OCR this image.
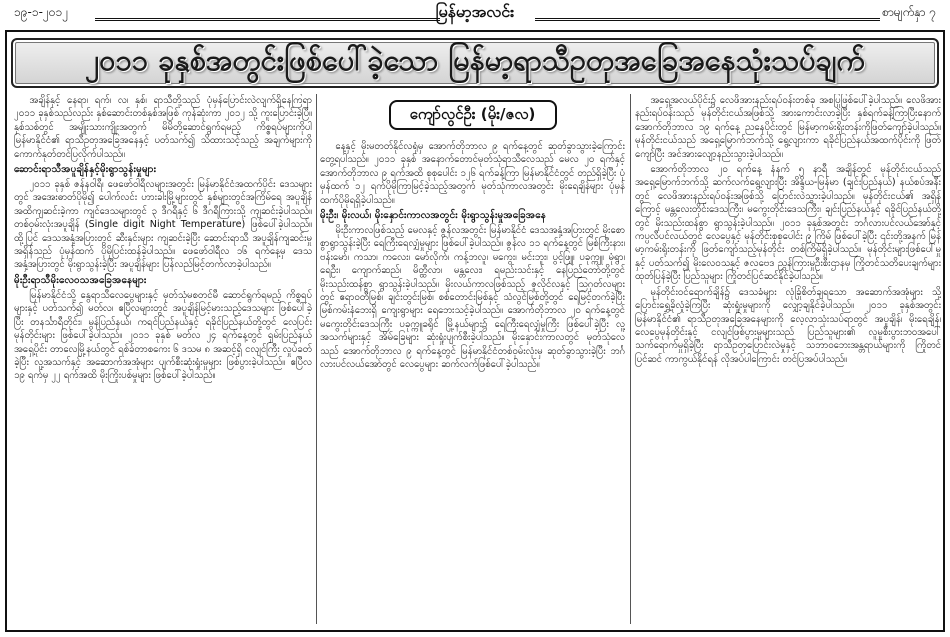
၁၉-၁-၂၀၁၂	မြန်မာ့အလင်း	စာမျက်နှာ ၇
၂၀၁၁ ခုနှစ်အတွင်းဖြစ်ပေါ်ခဲ့သော မြန်မာ့ရာသီဥတုအခြေအနေသုံးသပ်ချက်

အချိန်နှင့် နေရာ၊ ရက်၊ လ၊ နှစ်၊ ရာသီတို့သည် ပုံမှန်ပြောင်းလဲလျက်ရှိနေကြရာ ၂၀၁၁ ခုနှစ်သည်လည်း နှစ်ဆောင်းတစ်နှစ်အဖြစ် ကုန်ဆုံးကာ ၂၀၁၂ သို့ ကူးပြောင်းခဲ့ပြီ။ နှစ်သစ်တွင် အမျိုးသားကျိုးအတွက် မိမိတို့ဆောင်ရွက်ရမည့် ကိစ္စရပ်များကိုပါ မြန်မာနိုင်ငံ၏ ရာသီဥတုအခြေအနေနှင့် ပတ်သက်၍ သိထားသင့်သည့် အချက်များကို ကောက်နုတ်တင်ပြလိုက်ပါသည်။

ဆောင်းရာသီအပူချိန်နှင့်မိုးရွာသွန်းမှုများ

၂၀၁၁ ခုနှစ် ဇန်နဝါရီ၊ ဖေဖော်ဝါရီလများအတွင်း မြန်မာနိုင်ငံအထက်ပိုင်း ဒေသများတွင် အအေးဓာတ်ပိုမို၍ ပေါက်လင်း ဟားခါးမြို့များတွင် နှစ်များတွင်အကြိမ်ရေ အပူချိန်အထိကျဆင်းခဲ့ကာ ကျင်ဒေသများတွင် ၃ ဒီဂရီနှင့် ၆ ဒီဂရီကြားသို့ ကျဆင်းခဲ့ပါသည်။ တစ်ဝှမ်းလုံးအပူချိန် (Single digit Night Temperature) ဖြစ်ပေါ်ခဲ့ပါသည်။ ထို့ပြင် ဒေသအနှံ့အပြားတွင် ဆီးနှင်းများ ကျဆင်းခဲ့ပြီး ဆောင်းရာသီ အပူချိန်ကျဆင်းမှုအရှိန်သည် ပုံမှန်ထက် ပိုမိုပြင်းထန်ခဲ့ပါသည်။ ဖေဖော်ဝါရီလ ၁၆ ရက်နေ့မှ ဒေသအနှံ့အပြားတွင် မိုးရွာသွန်းခဲ့ပြီး အပူချိန်များ ပြန်လည်မြင့်တက်လာခဲ့ပါသည်။

မိုးဦးရာသီမိုးလေဝသအခြေအနေများ

မြန်မာနိုင်ငံသို့ နွေရာသီလေပွေများနှင့် မုတ်သုံမစတင်မီ ဆောင်ရွက်ရမည့် ကိစ္စရပ်များနှင့် ပတ်သက်၍ မတ်လ၊ ဧပြီလများတွင် အပူချိန်မြင့်မားသည့်ဒေသများ ဖြစ်ပေါ်ခဲ့ပြီး တနင်္သာရီတိုင်း၊ မွန်ပြည်နယ်၊ ကရင်ပြည်နယ်နှင့် ရခိုင်ပြည်နယ်တို့တွင် လေပြင်းမုန်တိုင်းများ ဖြစ်ပေါ်ခဲ့ပါသည်။ ၂၀၁၁ ခုနှစ် မတ်လ ၂၄ ရက်နေ့တွင် ရှမ်းပြည်နယ် အရှေ့ပိုင်း တာလေမြို့နယ်တွင် ရစ်ခ်တာစကေး ၆ ဒသမ ၈ အဆင့်ရှိ ငလျင်ကြီး လှုပ်ခတ်ခဲ့ပြီး လူ့အသက်နှင့် အဆောက်အအုံများ ပျက်စီးဆုံးရှုံးမှုများ ဖြစ်ပွားခဲ့ပါသည်။ ဧပြီလ ၁၉ ရက်မှ ၂၂ ရက်အထိ မိုးကြိုးပစ်မှုများ ဖြစ်ပေါ်ခဲ့ပါသည်။

ကျော်လွင်ဦး (မိုး/ဇလ)

နေ့နှင့် မိုးမတတ်နိုင်လရုံမှ အောက်တိုဘာလ ၉ ရက်နေ့တွင် ဆုတ်ခွာသွားခဲ့ကြောင်း တွေ့ရပါသည်။ ၂၀၁၁ ခုနှစ် အနောက်တောင်မုတ်သုံရာသီလေသည် မေလ ၂၀ ရက်နှင့် အောက်တိုဘာလ ၉ ရက်အထိ စုစုပေါင်း ၁၂၆ ရက်ခန့်ကြာ မြန်မာနိုင်ငံတွင် တည်ရှိခဲ့ပြီး ပုံမှန်ထက် ၁၂ ရက်ပိုမိုကြာမြင့်ခဲ့သည့်အတွက် မုတ်သုံကာလအတွင်း မိုးရေချိန်များ ပုံမှန်ထက်ပိုမိုရရှိခဲ့ပါသည်။

မိုးဦး၊ မိုးလယ်၊ မိုးနှောင်းကာလအတွင်း မိုးရွာသွန်းမှုအခြေအနေ

မိုးဦးကာလဖြစ်သည့် မေလနှင့် ဇွန်လအတွင်း မြန်မာနိုင်ငံ ဒေသအနှံ့အပြားတွင် မိုးစောစွာရွာသွန်းခဲ့ပြီး ရေကြီးရေလျှံမှုများ ဖြစ်ပေါ်ခဲ့ပါသည်။ ဇွန်လ ၁၁ ရက်နေ့တွင် မြစ်ကြီးနား၊ ဗန်းမော်၊ ကသာ၊ ကလေး၊ မော်လိုက်၊ ကန့်ဘလူ၊ မကွေး၊ မင်းဘူး၊ ပွင့်ဖြူ၊ ပခုက္ကူ၊ မုံရွာ၊ ရေဦး၊ ကျောက်ဆည်၊ မိတ္ထီလာ၊ မန္တလေး၊ ရမည်းသင်းနှင့် နေပြည်တော်တို့တွင် မိုးသည်းထန်စွာ ရွာသွန်းခဲ့ပါသည်။ မိုးလယ်ကာလဖြစ်သည့် ဇူလိုင်လနှင့် ဩဂုတ်လများတွင် ဧရာဝတီမြစ်၊ ချင်းတွင်းမြစ်၊ စစ်တောင်းမြစ်နှင့် သံလွင်မြစ်တို့တွင် ရေမြင့်တက်ခဲ့ပြီး မြစ်ကမ်းနံဘေးရှိ ကျေးရွာများ ရေဘေးသင့်ခဲ့ပါသည်။ အောက်တိုဘာလ ၂၀ ရက်နေ့တွင် မကွေးတိုင်းဒေသကြီး ပခုက္ကူခရိုင် မြို့နယ်များ၌ ရေကြီးရေလျှံမှုကြီး ဖြစ်ပေါ်ခဲ့ပြီး လူ့အသက်များနှင့် အိမ်ခြေများ ဆုံးရှုံးပျက်စီးခဲ့ပါသည်။ မိုးနှောင်းကာလတွင် မုတ်သုံလေသည် အောက်တိုဘာလ ၉ ရက်နေ့တွင် မြန်မာနိုင်ငံတစ်ဝှမ်းလုံးမှ ဆုတ်ခွာသွားခဲ့ပြီး ဘင်္ဂလားပင်လယ်အော်တွင် လေပွေများ ဆက်လက်ဖြစ်ပေါ်ခဲ့ပါသည်။

အရှေ့အလယ်ပိုင်း၌ လေဖိအားနည်းရပ်ဝန်းတစ်ခု အစပြုဖြစ်ပေါ်ခဲ့ပါသည်။ လေဖိအားနည်းရပ်ဝန်းသည် မုန်တိုင်းငယ်အဖြစ်သို့ အားကောင်းလာခဲ့ပြီး နှစ်ရက်ခန့်ကြာပြီးနောက် အောက်တိုဘာလ ၁၉ ရက်နေ့ ညနေပိုင်းတွင် မြန်မာ့ကမ်းရိုးတန်းကိုဖြတ်ကျော်ခဲ့ပါသည်။ မုန်တိုင်းငယ်သည် အရှေ့မြောက်ဘက်သို့ ရွေ့လျားကာ ရခိုင်ပြည်နယ်အထက်ပိုင်းကို ဖြတ်ကျော်ပြီး အင်အားလျော့နည်းသွားခဲ့ပါသည်။

အောက်တိုဘာလ ၂၀ ရက်နေ့ နံနက် ၅ နာရီ အချိန်တွင် မုန်တိုင်းငယ်သည် အရှေ့မြောက်ဘက်သို့ ဆက်လက်ရွေ့လျားပြီး အိန္ဒိယ-မြန်မာ (ချင်းပြည်နယ်) နယ်စပ်အနီးတွင် လေဖိအားနည်းရပ်ဝန်းအဖြစ်သို့ ပြောင်းလဲသွားခဲ့ပါသည်။ မုန်တိုင်းငယ်၏ အရှိန်ကြောင့် မန္တလေးတိုင်းဒေသကြီး၊ မကွေးတိုင်းဒေသကြီး၊ ချင်းပြည်နယ်နှင့် ရခိုင်ပြည်နယ်တို့တွင် မိုးသည်းထန်စွာ ရွာသွန်းခဲ့ပါသည်။ ၂၀၁၁ ခုနှစ်အတွင်း ဘင်္ဂလားပင်လယ်အော်နှင့် ကပ္ပလီပင်လယ်တွင် လေပွေနှင့် မုန်တိုင်းစုစုပေါင်း ၉ ကြိမ် ဖြစ်ပေါ်ခဲ့ပြီး ၎င်းတို့အနက် မြန်မာ့ကမ်းရိုးတန်းကို ဖြတ်ကျော်သည့်မုန်တိုင်း တစ်ကြိမ်ရှိခဲ့ပါသည်။ မုန်တိုင်းများဖြစ်ပေါ်မှုနှင့် ပတ်သက်၍ မိုးလေဝသနှင့် ဇလဗေဒ ညွှန်ကြားမှုဦးစီးဌာနမှ ကြိုတင်သတိပေးချက်များ ထုတ်ပြန်ခဲ့ပြီး ပြည်သူများ ကြိုတင်ပြင်ဆင်နိုင်ခဲ့ပါသည်။

မုန်တိုင်းဝင်ရောက်ချိန်၌ ဒေသခံများ လုံခြုံစိတ်ချရသော အဆောက်အအုံများ သို့ ပြောင်းရွှေ့ခိုလှုံခဲ့ကြပြီး ဆုံးရှုံးမှုများကို လျှော့ချနိုင်ခဲ့ပါသည်။ ၂၀၁၁ ခုနှစ်အတွင်း မြန်မာနိုင်ငံ၏ ရာသီဥတုအခြေအနေများကို လေ့လာသုံးသပ်ရာတွင် အပူချိန်၊ မိုးရေချိန်၊ လေပွေမုန်တိုင်းနှင့် ငလျင်ဖြစ်ပွားမှုများသည် ပြည်သူများ၏ လူမှုစီးပွားဘဝအပေါ် သက်ရောက်မှုရှိခဲ့ပြီး ရာသီဥတုပြောင်းလဲမှုနှင့် သဘာဝဘေးအန္တရာယ်များကို ကြိုတင်ပြင်ဆင် ကာကွယ်နိုင်ရန် လိုအပ်ပါကြောင်း တင်ပြအပ်ပါသည်။
